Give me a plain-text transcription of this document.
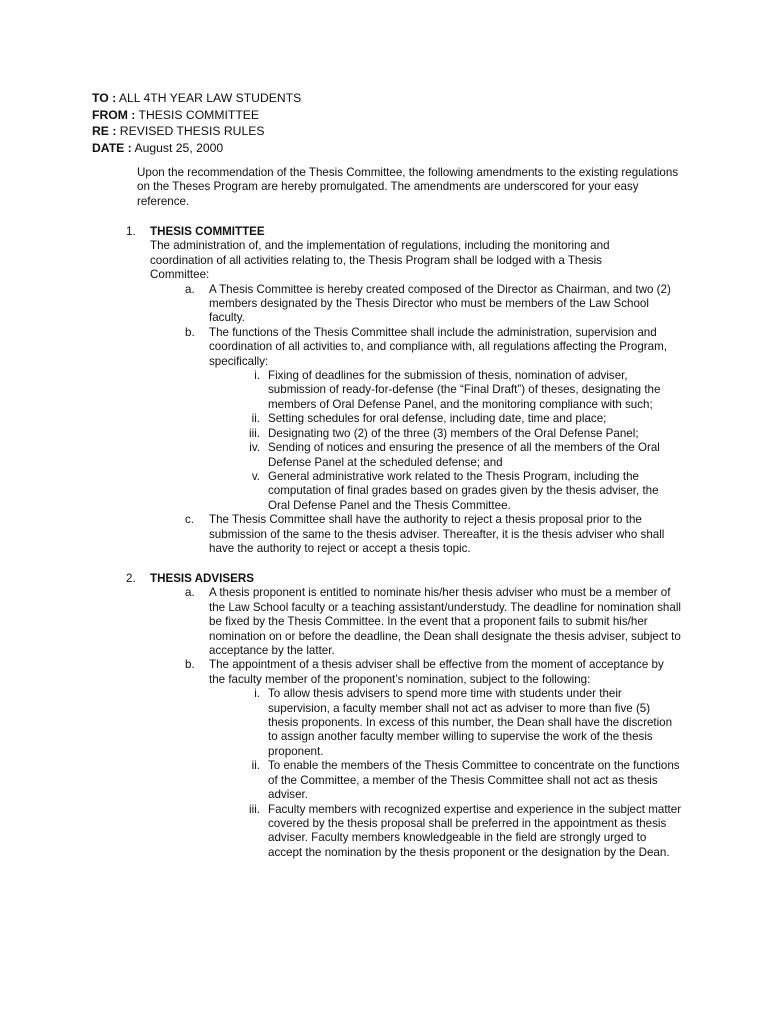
TO : ALL 4TH YEAR LAW STUDENTS
FROM : THESIS COMMITTEE
RE : REVISED THESIS RULES
DATE : August 25, 2000
Upon the recommendation of the Thesis Committee, the following amendments to the existing regulations on the Theses Program are hereby promulgated. The amendments are underscored for your easy reference.
1. THESIS COMMITTEE
The administration of, and the implementation of regulations, including the monitoring and coordination of all activities relating to, the Thesis Program shall be lodged with a Thesis Committee:
a.	A Thesis Committee is hereby created composed of the Director as Chairman, and two (2) members designated by the Thesis Director who must be members of the Law School faculty.
b.	The functions of the Thesis Committee shall include the administration, supervision and coordination of all activities to, and compliance with, all regulations affecting the Program, specifically:
i. Fixing of deadlines for the submission of thesis, nomination of adviser, submission of ready-for-defense (the “Final Draft”) of theses, designating the members of Oral Defense Panel, and the monitoring compliance with such;
ii. Setting schedules for oral defense, including date, time and place;
iii. Designating two (2) of the three (3) members of the Oral Defense Panel;
iv. Sending of notices and ensuring the presence of all the members of the Oral Defense Panel at the scheduled defense; and
v. General administrative work related to the Thesis Program, including the computation of final grades based on grades given by the thesis adviser, the Oral Defense Panel and the Thesis Committee.
c.	The Thesis Committee shall have the authority to reject a thesis proposal prior to the submission of the same to the thesis adviser. Thereafter, it is the thesis adviser who shall have the authority to reject or accept a thesis topic.
2. THESIS ADVISERS
a.	A thesis proponent is entitled to nominate his/her thesis adviser who must be a member of the Law School faculty or a teaching assistant/understudy. The deadline for nomination shall be fixed by the Thesis Committee. In the event that a proponent fails to submit his/her nomination on or before the deadline, the Dean shall designate the thesis adviser, subject to acceptance by the latter.
b.	The appointment of a thesis adviser shall be effective from the moment of acceptance by the faculty member of the proponent’s nomination, subject to the following:
i. To allow thesis advisers to spend more time with students under their supervision, a faculty member shall not act as adviser to more than five (5) thesis proponents. In excess of this number, the Dean shall have the discretion to assign another faculty member willing to supervise the work of the thesis proponent.
ii. To enable the members of the Thesis Committee to concentrate on the functions of the Committee, a member of the Thesis Committee shall not act as thesis adviser.
iii. Faculty members with recognized expertise and experience in the subject matter covered by the thesis proposal shall be preferred in the appointment as thesis adviser. Faculty members knowledgeable in the field are strongly urged to accept the nomination by the thesis proponent or the designation by the Dean.
